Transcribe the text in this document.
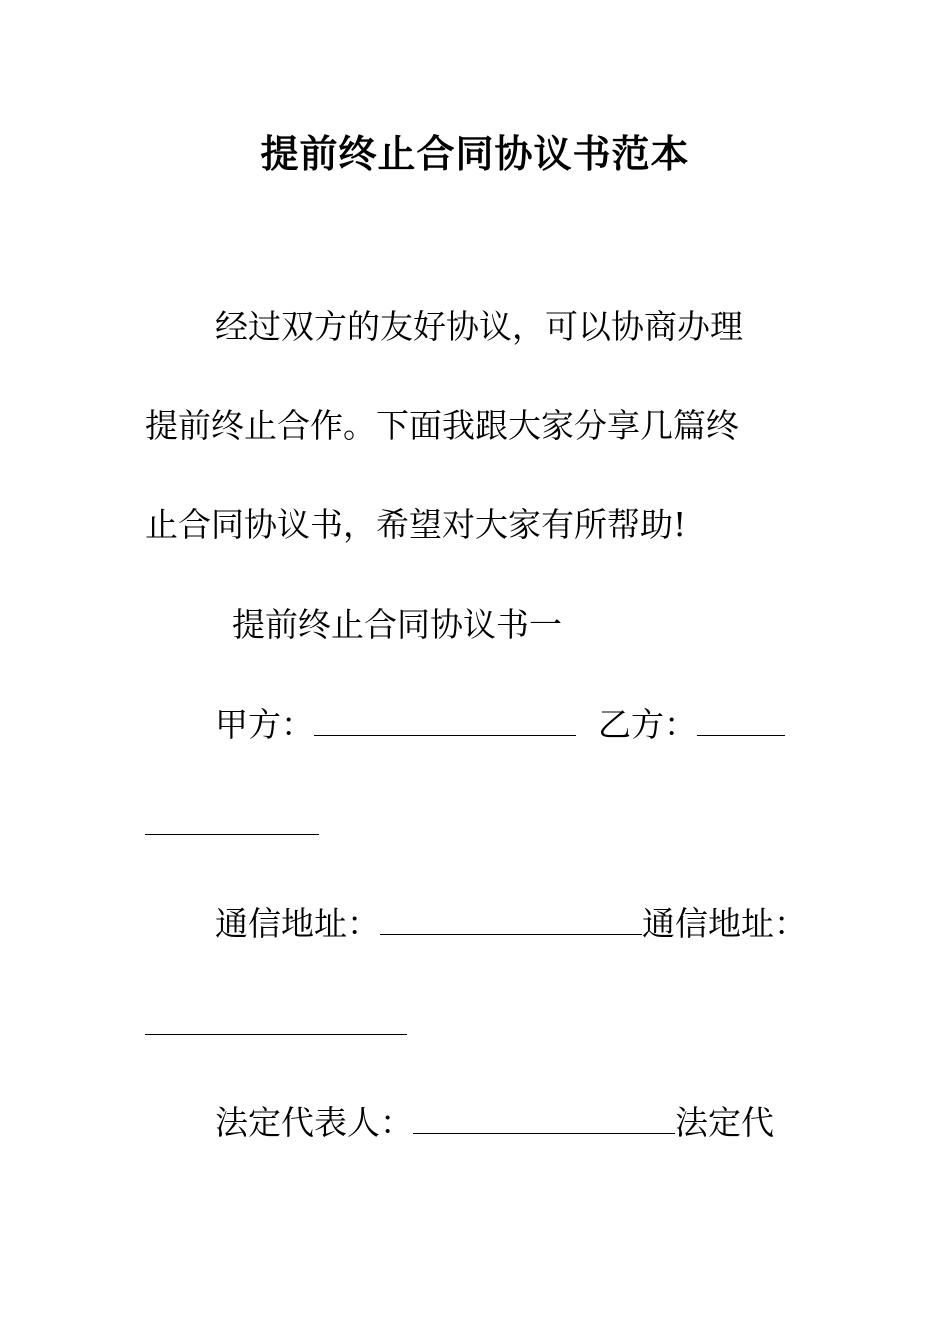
提前终止合同协议书范本
经过双方的友好协议，可以协商办理
提前终止合作。下面我跟大家分享几篇终
止合同协议书，希望对大家有所帮助!
提前终止合同协议书一
甲方：	乙方：
通信地址：	通信地址：
法定代表人：	法定代
